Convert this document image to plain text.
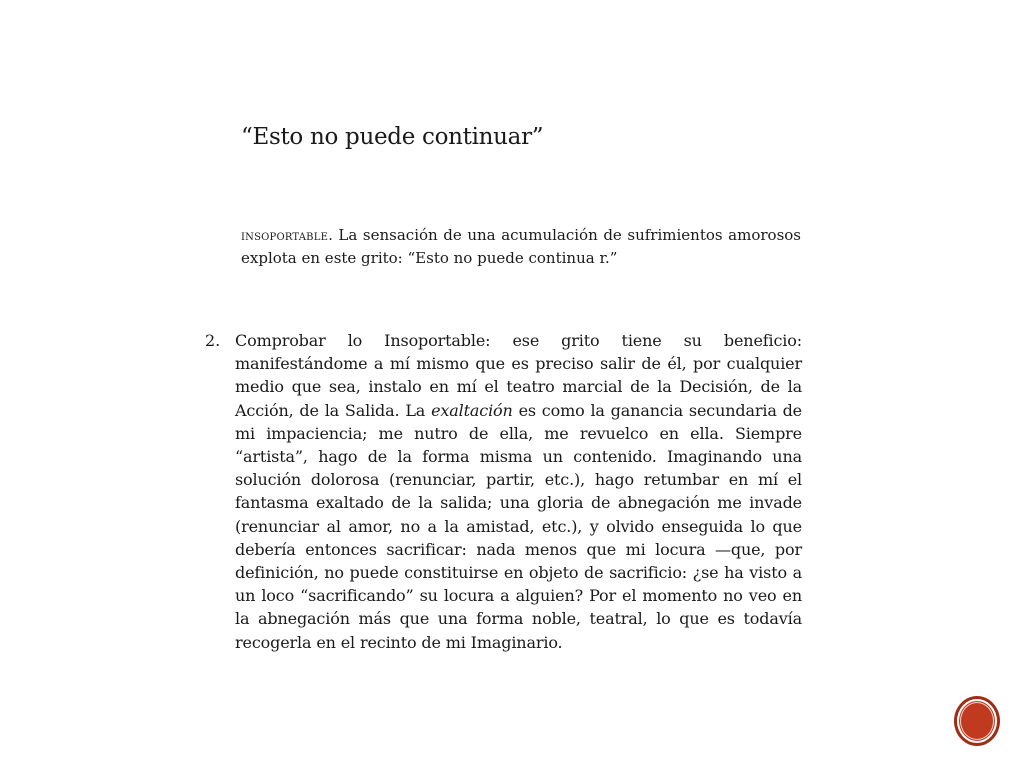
“Esto no puede continuar”

insoportable. La sensación de una acumulación de sufrimientos amorosos explota en este grito: “Esto no puede continua r.”

2. Comprobar lo Insoportable: ese grito tiene su beneficio: manifestándome a mí mismo que es preciso salir de él, por cualquier medio que sea, instalo en mí el teatro marcial de la Decisión, de la Acción, de la Salida. La exaltación es como la ganancia secundaria de mi impaciencia; me nutro de ella, me revuelco en ella. Siempre “artista”, hago de la forma misma un contenido. Imaginando una solución dolorosa (renunciar, partir, etc.), hago retumbar en mí el fantasma exaltado de la salida; una gloria de abnegación me invade (renunciar al amor, no a la amistad, etc.), y olvido enseguida lo que debería entonces sacrificar: nada menos que mi locura —que, por definición, no puede constituirse en objeto de sacrificio: ¿se ha visto a un loco “sacrificando” su locura a alguien? Por el momento no veo en la abnegación más que una forma noble, teatral, lo que es todavía recogerla en el recinto de mi Imaginario.
